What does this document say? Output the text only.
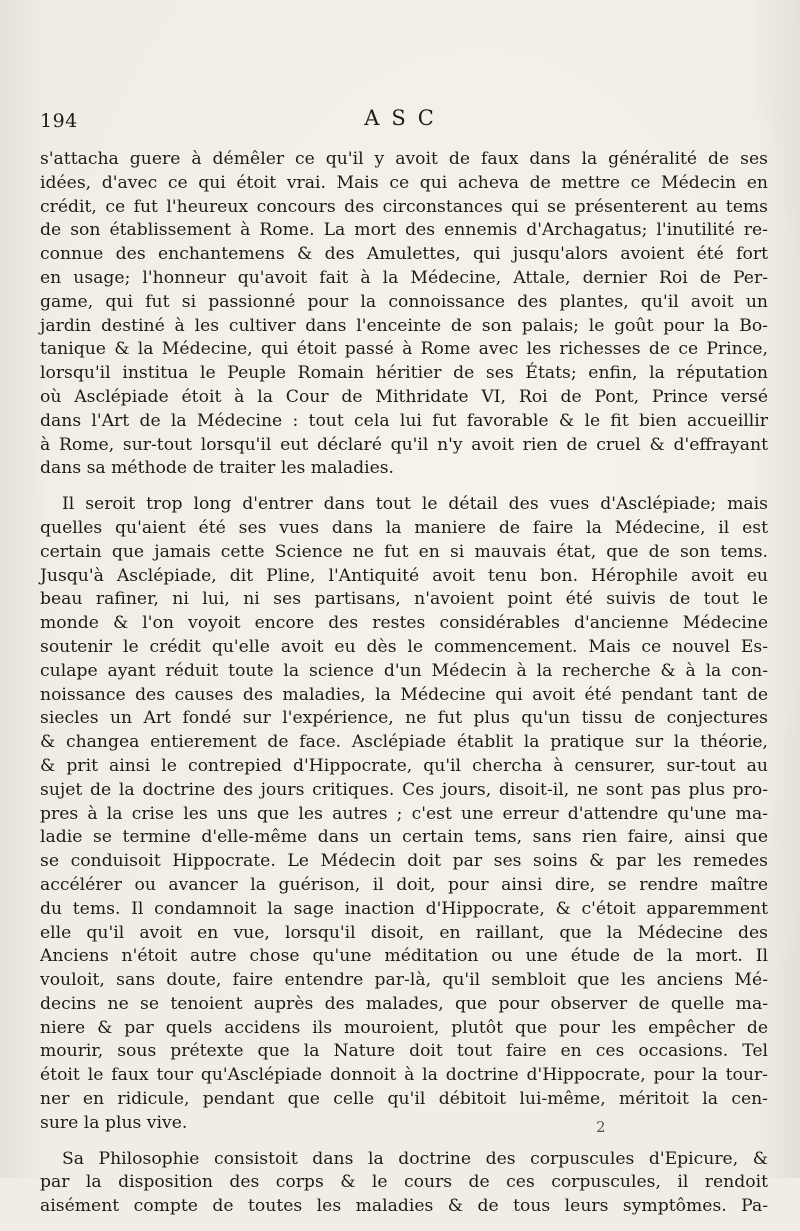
194	ASC

s'attacha guere à démêler ce qu'il y avoit de faux dans la généralité de ses
idées, d'avec ce qui étoit vrai. Mais ce qui acheva de mettre ce Médecin en
crédit, ce fut l'heureux concours des circonstances qui se présenterent au tems
de son établissement à Rome. La mort des ennemis d'Archagatus; l'inutilité re-
connue des enchantemens & des Amulettes, qui jusqu'alors avoient été fort
en usage; l'honneur qu'avoit fait à la Médecine, Attale, dernier Roi de Per-
game, qui fut si passionné pour la connoissance des plantes, qu'il avoit un
jardin destiné à les cultiver dans l'enceinte de son palais; le goût pour la Bo-
tanique & la Médecine, qui étoit passé à Rome avec les richesses de ce Prince,
lorsqu'il institua le Peuple Romain héritier de ses États; enfin, la réputation
où Asclépiade étoit à la Cour de Mithridate VI, Roi de Pont, Prince versé
dans l'Art de la Médecine : tout cela lui fut favorable & le fit bien accueillir
à Rome, sur-tout lorsqu'il eut déclaré qu'il n'y avoit rien de cruel & d'effrayant
dans sa méthode de traiter les maladies.

Il seroit trop long d'entrer dans tout le détail des vues d'Asclépiade; mais
quelles qu'aient été ses vues dans la maniere de faire la Médecine, il est
certain que jamais cette Science ne fut en si mauvais état, que de son tems.
Jusqu'à Asclépiade, dit Pline, l'Antiquité avoit tenu bon. Hérophile avoit eu
beau rafiner, ni lui, ni ses partisans, n'avoient point été suivis de tout le
monde & l'on voyoit encore des restes considérables d'ancienne Médecine
soutenir le crédit qu'elle avoit eu dès le commencement. Mais ce nouvel Es-
culape ayant réduit toute la science d'un Médecin à la recherche & à la con-
noissance des causes des maladies, la Médecine qui avoit été pendant tant de
siecles un Art fondé sur l'expérience, ne fut plus qu'un tissu de conjectures
& changea entierement de face. Asclépiade établit la pratique sur la théorie,
& prit ainsi le contrepied d'Hippocrate, qu'il chercha à censurer, sur-tout au
sujet de la doctrine des jours critiques. Ces jours, disoit-il, ne sont pas plus pro-
pres à la crise les uns que les autres ; c'est une erreur d'attendre qu'une ma-
ladie se termine d'elle-même dans un certain tems, sans rien faire, ainsi que
se conduisoit Hippocrate. Le Médecin doit par ses soins & par les remedes
accélérer ou avancer la guérison, il doit, pour ainsi dire, se rendre maître
du tems. Il condamnoit la sage inaction d'Hippocrate, & c'étoit apparemment
elle qu'il avoit en vue, lorsqu'il disoit, en raillant, que la Médecine des
Anciens n'étoit autre chose qu'une méditation ou une étude de la mort. Il
vouloit, sans doute, faire entendre par-là, qu'il sembloit que les anciens Mé-
decins ne se tenoient auprès des malades, que pour observer de quelle ma-
niere & par quels accidens ils mouroient, plutôt que pour les empêcher de
mourir, sous prétexte que la Nature doit tout faire en ces occasions. Tel
étoit le faux tour qu'Asclépiade donnoit à la doctrine d'Hippocrate, pour la tour-
ner en ridicule, pendant que celle qu'il débitoit lui-même, méritoit la cen-
sure la plus vive.

Sa Philosophie consistoit dans la doctrine des corpuscules d'Epicure, &
par la disposition des corps & le cours de ces corpuscules, il rendoit
aisément compte de toutes les maladies & de tous leurs symptômes. Pa-

2
